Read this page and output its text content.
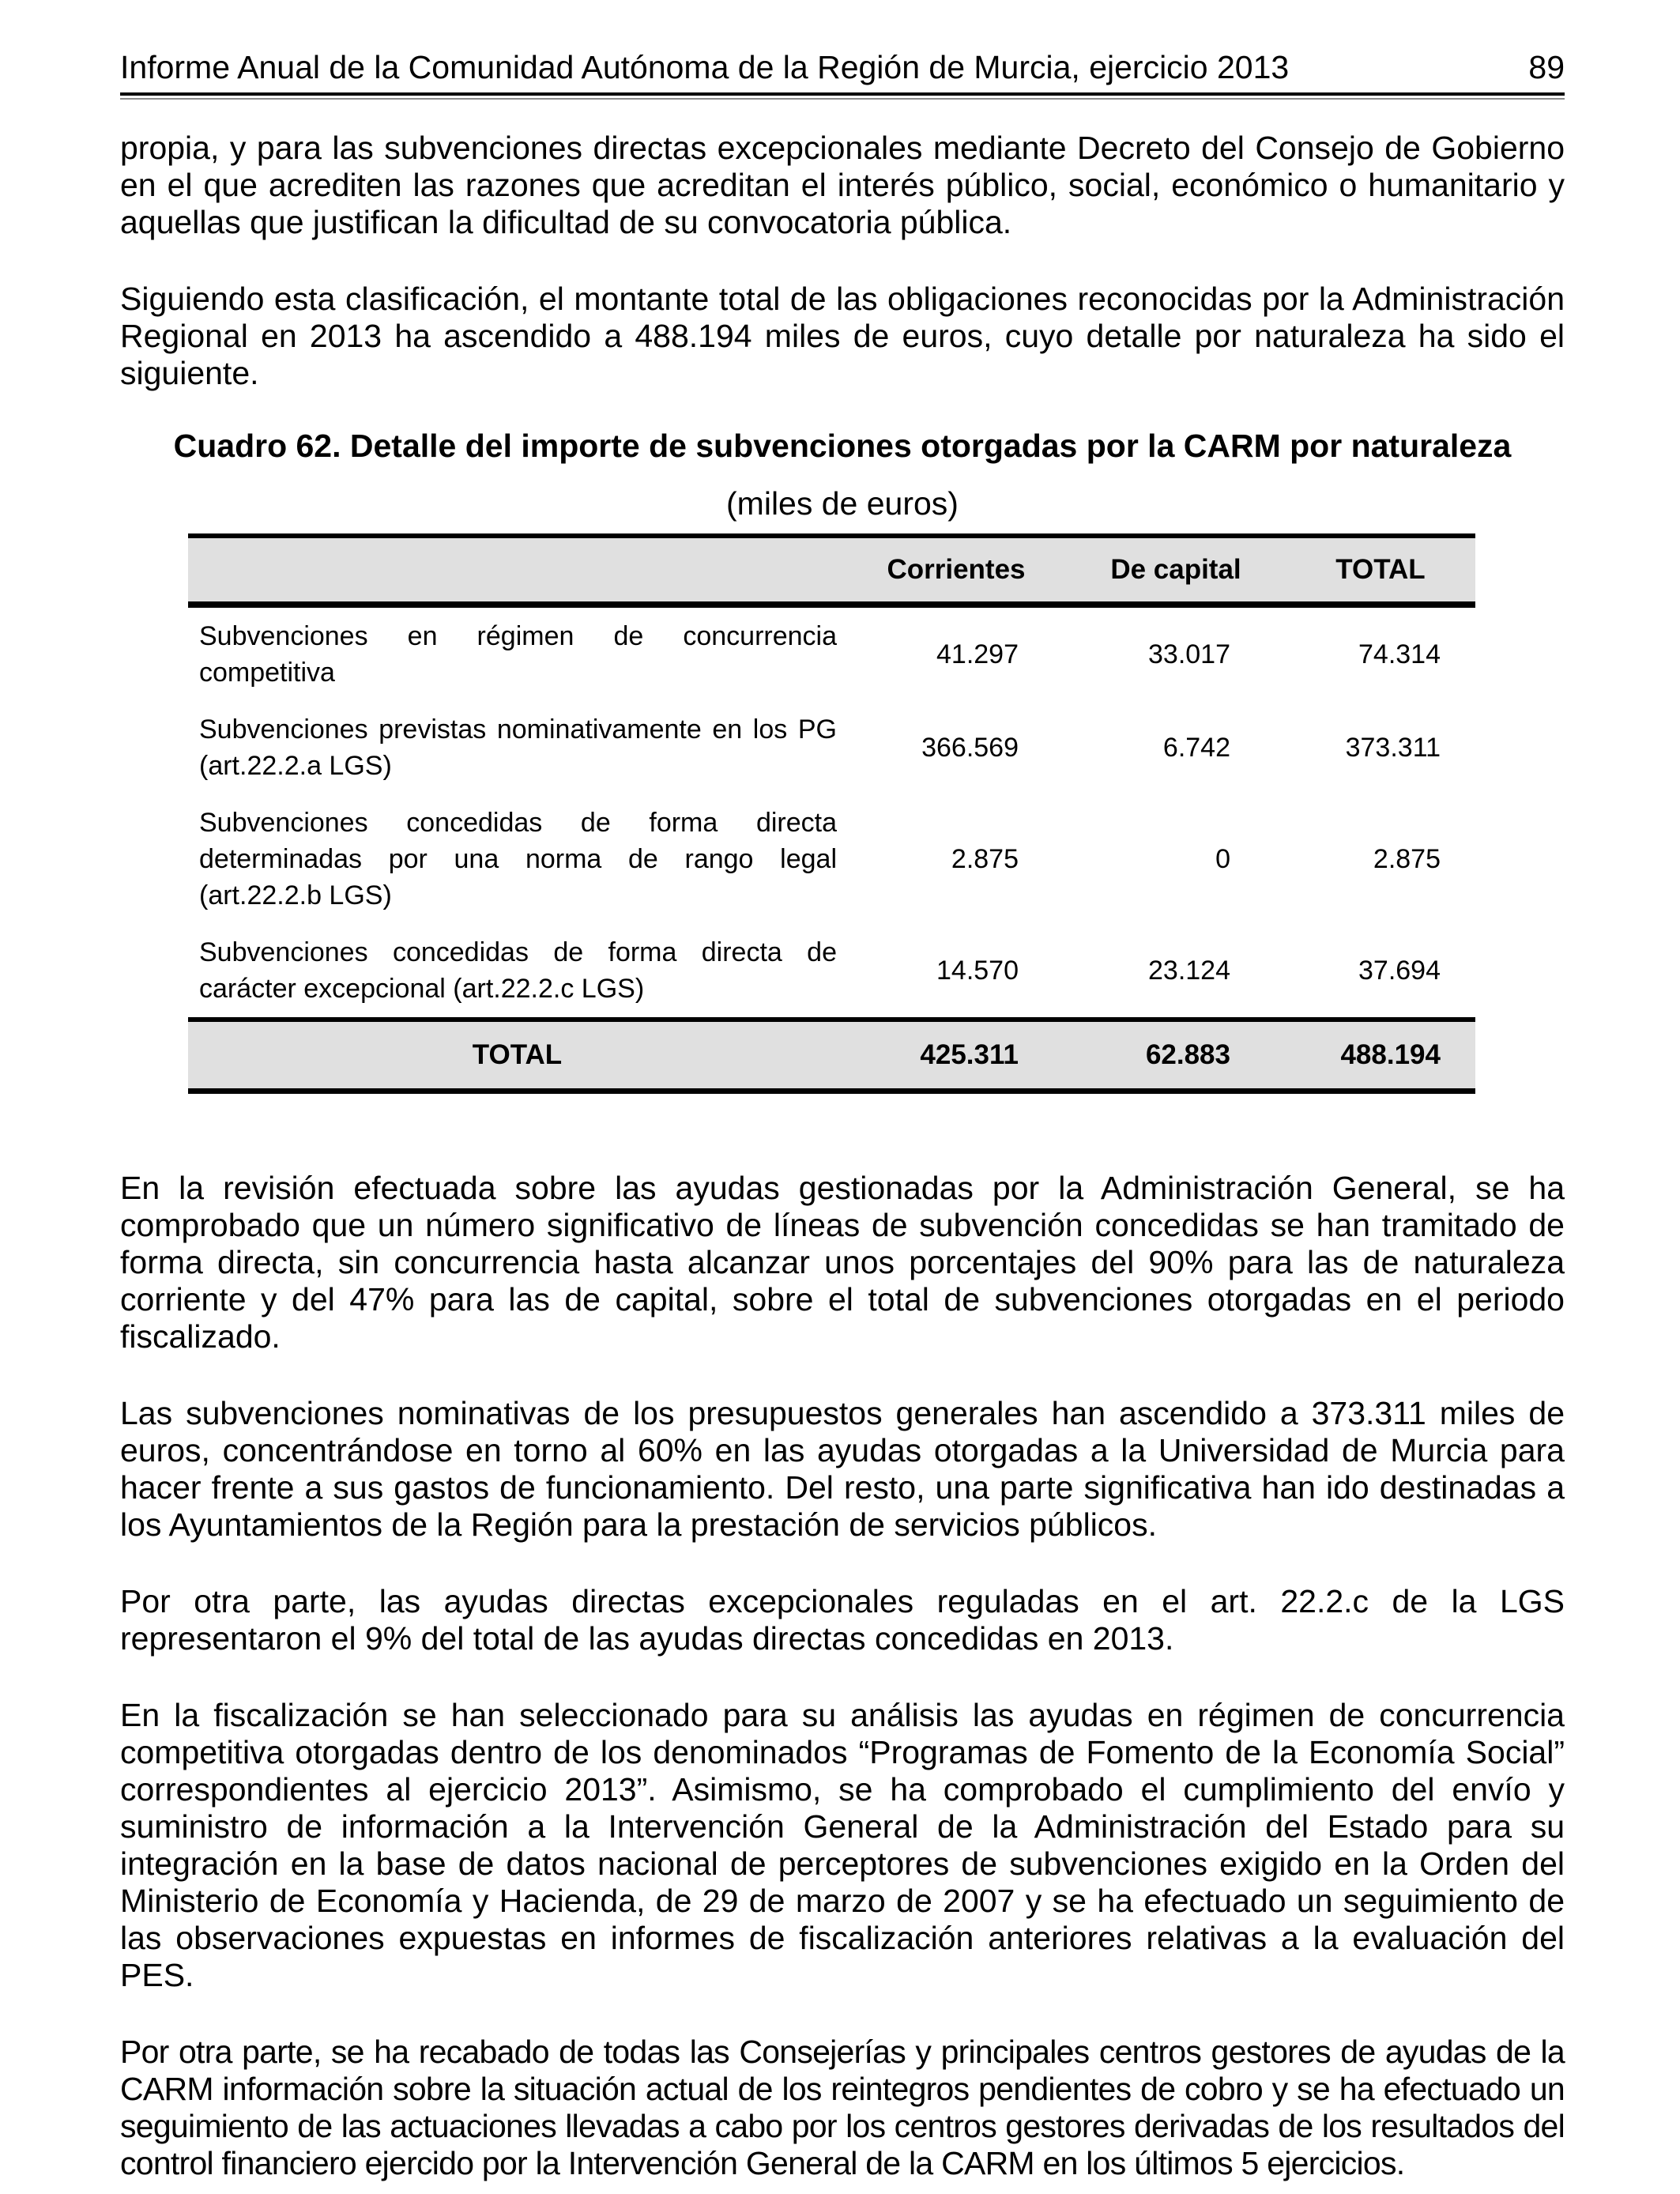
Informe Anual de la Comunidad Autónoma de la Región de Murcia, ejercicio 2013	89

propia, y para las subvenciones directas excepcionales mediante Decreto del Consejo de Gobierno en el que acrediten las razones que acreditan el interés público, social, económico o humanitario y aquellas que justifican la dificultad de su convocatoria pública.

Siguiendo esta clasificación, el montante total de las obligaciones reconocidas por la Administración Regional en 2013 ha ascendido a 488.194 miles de euros, cuyo detalle por naturaleza ha sido el siguiente.

Cuadro 62. Detalle del importe de subvenciones otorgadas por la CARM por naturaleza
(miles de euros)
	Corrientes	De capital	TOTAL
Subvenciones en régimen de concurrencia competitiva	41.297	33.017	74.314
Subvenciones previstas nominativamente en los PG (art.22.2.a LGS)	366.569	6.742	373.311
Subvenciones concedidas de forma directa determinadas por una norma de rango legal (art.22.2.b LGS)	2.875	0	2.875
Subvenciones concedidas de forma directa de carácter excepcional (art.22.2.c LGS)	14.570	23.124	37.694
TOTAL	425.311	62.883	488.194

En la revisión efectuada sobre las ayudas gestionadas por la Administración General, se ha comprobado que un número significativo de líneas de subvención concedidas se han tramitado de forma directa, sin concurrencia hasta alcanzar unos porcentajes del 90% para las de naturaleza corriente y del 47% para las de capital, sobre el total de subvenciones otorgadas en el periodo fiscalizado.

Las subvenciones nominativas de los presupuestos generales han ascendido a 373.311 miles de euros, concentrándose en torno al 60% en las ayudas otorgadas a la Universidad de Murcia para hacer frente a sus gastos de funcionamiento. Del resto, una parte significativa han ido destinadas a los Ayuntamientos de la Región para la prestación de servicios públicos.

Por otra parte, las ayudas directas excepcionales reguladas en el art. 22.2.c de la LGS representaron el 9% del total de las ayudas directas concedidas en 2013.

En la fiscalización se han seleccionado para su análisis las ayudas en régimen de concurrencia competitiva otorgadas dentro de los denominados “Programas de Fomento de la Economía Social” correspondientes al ejercicio 2013”. Asimismo, se ha comprobado el cumplimiento del envío y suministro de información a la Intervención General de la Administración del Estado para su integración en la base de datos nacional de perceptores de subvenciones exigido en la Orden del Ministerio de Economía y Hacienda, de 29 de marzo de 2007 y se ha efectuado un seguimiento de las observaciones expuestas en informes de fiscalización anteriores relativas a la evaluación del PES.

Por otra parte, se ha recabado de todas las Consejerías y principales centros gestores de ayudas de la CARM información sobre la situación actual de los reintegros pendientes de cobro y se ha efectuado un seguimiento de las actuaciones llevadas a cabo por los centros gestores derivadas de los resultados del control financiero ejercido por la Intervención General de la CARM en los últimos 5 ejercicios.
